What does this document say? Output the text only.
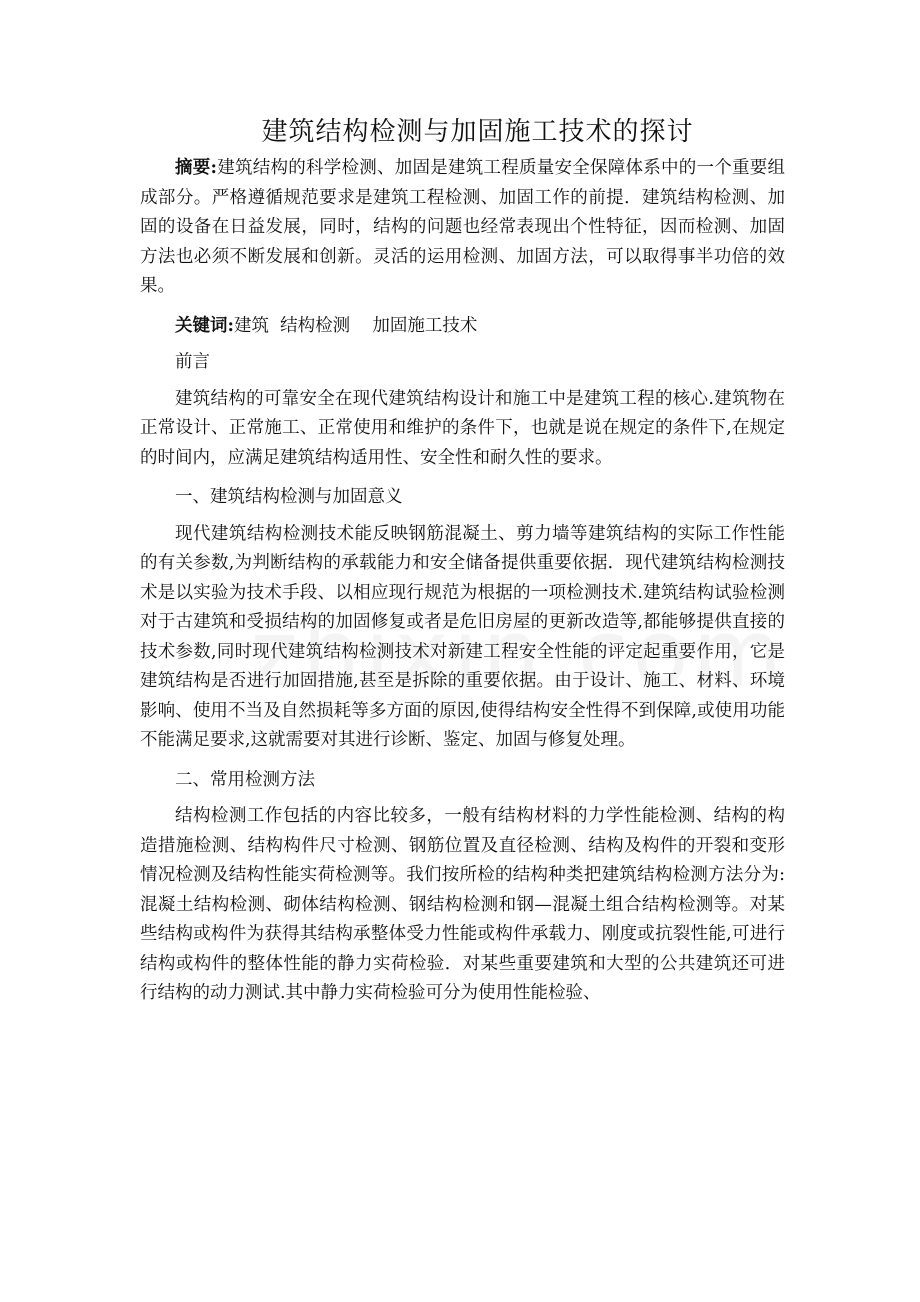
建筑结构检测与加固施工技术的探讨

摘要:建筑结构的科学检测、加固是建筑工程质量安全保障体系中的一个重要组成部分。严格遵循规范要求是建筑工程检测、加固工作的前提．建筑结构检测、加固的设备在日益发展，同时，结构的问题也经常表现出个性特征，因而检测、加固方法也必须不断发展和创新。灵活的运用检测、加固方法，可以取得事半功倍的效果。

关键词:建筑  结构检测    加固施工技术

前言

建筑结构的可靠安全在现代建筑结构设计和施工中是建筑工程的核心.建筑物在正常设计、正常施工、正常使用和维护的条件下，也就是说在规定的条件下,在规定的时间内，应满足建筑结构适用性、安全性和耐久性的要求。

一、建筑结构检测与加固意义

现代建筑结构检测技术能反映钢筋混凝土、剪力墙等建筑结构的实际工作性能的有关参数,为判断结构的承载能力和安全储备提供重要依据．现代建筑结构检测技术是以实验为技术手段、以相应现行规范为根据的一项检测技术.建筑结构试验检测对于古建筑和受损结构的加固修复或者是危旧房屋的更新改造等,都能够提供直接的技术参数,同时现代建筑结构检测技术对新建工程安全性能的评定起重要作用，它是建筑结构是否进行加固措施,甚至是拆除的重要依据。由于设计、施工、材料、环境影响、使用不当及自然损耗等多方面的原因,使得结构安全性得不到保障,或使用功能不能满足要求,这就需要对其进行诊断、鉴定、加固与修复处理。

二、常用检测方法

结构检测工作包括的内容比较多，一般有结构材料的力学性能检测、结构的构造措施检测、结构构件尺寸检测、钢筋位置及直径检测、结构及构件的开裂和变形情况检测及结构性能实荷检测等。我们按所检的结构种类把建筑结构检测方法分为:混凝土结构检测、砌体结构检测、钢结构检测和钢—混凝土组合结构检测等。对某些结构或构件为获得其结构承整体受力性能或构件承载力、刚度或抗裂性能,可进行结构或构件的整体性能的静力实荷检验．对某些重要建筑和大型的公共建筑还可进行结构的动力测试.其中静力实荷检验可分为使用性能检验、
